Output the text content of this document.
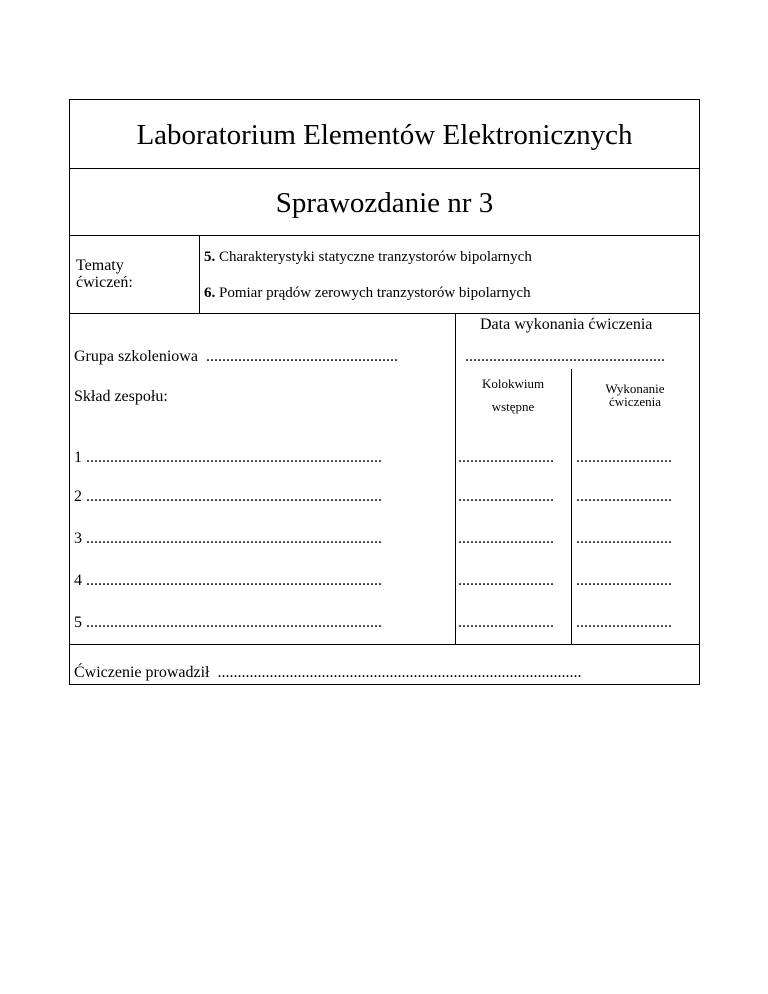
Laboratorium Elementów Elektronicznych
Sprawozdanie nr 3
Tematy
ćwiczeń:
5. Charakterystyki statyczne tranzystorów bipolarnych
6. Pomiar prądów zerowych tranzystorów bipolarnych
Data wykonania ćwiczenia
Grupa szkoleniowa ................................................	..................................................
Skład zespołu:
Kolokwium
wstępne
Wykonanie
ćwiczenia
1 ..........................................................................	........................ ........................
2 ..........................................................................	........................ ........................
3 ..........................................................................	........................ ........................
4 ..........................................................................	........................ ........................
5 ..........................................................................	........................ ........................
Ćwiczenie prowadził ...........................................................................................
